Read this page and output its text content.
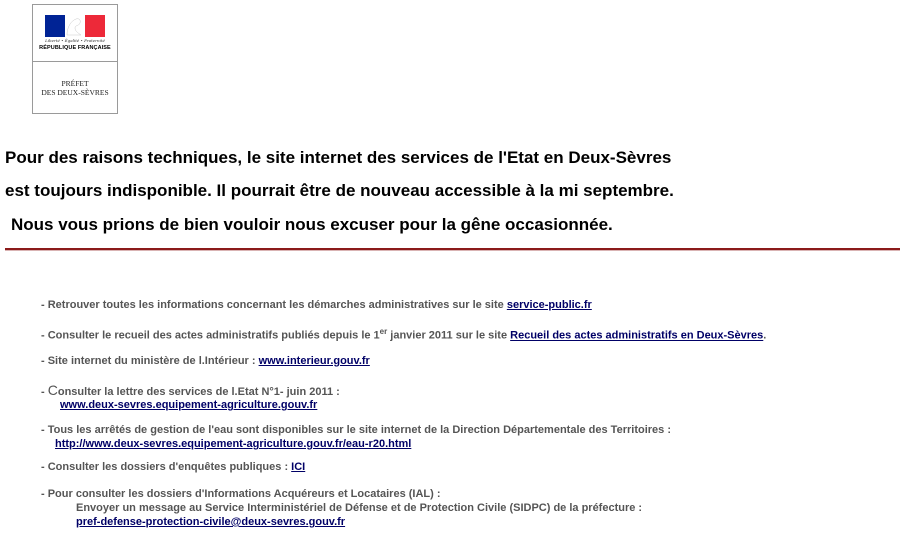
Liberté • Égalité • Fraternité
RÉPUBLIQUE FRANÇAISE
PRÉFET
DES DEUX-SÈVRES
Pour des raisons techniques, le site internet des services de l'Etat en Deux-Sèvres
est toujours indisponible. Il pourrait être de nouveau accessible à la mi septembre.
Nous vous prions de bien vouloir nous excuser pour la gêne occasionnée.
- Retrouver toutes les informations concernant les démarches administratives sur le site service-public.fr
- Consulter le recueil des actes administratifs publiés depuis le 1er janvier 2011 sur le site Recueil des actes administratifs en Deux-Sèvres.
- Site internet du ministère de l.Intérieur : www.interieur.gouv.fr
- Consulter la lettre des services de l.Etat N°1- juin 2011 :
www.deux-sevres.equipement-agriculture.gouv.fr
- Tous les arrêtés de gestion de l'eau sont disponibles sur le site internet de la Direction Départementale des Territoires :
http://www.deux-sevres.equipement-agriculture.gouv.fr/eau-r20.html
- Consulter les dossiers d'enquêtes publiques : ICI
- Pour consulter les dossiers d'Informations Acquéreurs et Locataires (IAL) :
Envoyer un message au Service Interministériel de Défense et de Protection Civile (SIDPC) de la préfecture :
pref-defense-protection-civile@deux-sevres.gouv.fr
